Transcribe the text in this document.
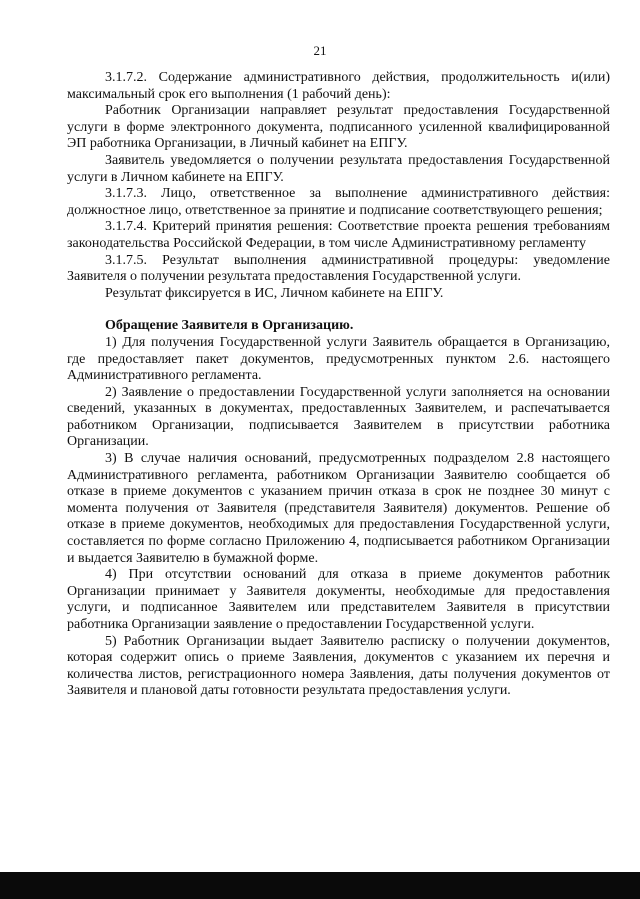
21

3.1.7.2. Содержание административного действия, продолжительность и(или) максимальный срок его выполнения (1 рабочий день):

Работник Организации направляет результат предоставления Государственной услуги в форме электронного документа, подписанного усиленной квалифицированной ЭП работника Организации, в Личный кабинет на ЕПГУ.

Заявитель уведомляется о получении результата предоставления Государственной услуги в Личном кабинете на ЕПГУ.

3.1.7.3. Лицо, ответственное за выполнение административного действия: должностное лицо, ответственное за принятие и подписание соответствующего решения;

3.1.7.4. Критерий принятия решения: Соответствие проекта решения требованиям законодательства Российской Федерации, в том числе Административному регламенту

3.1.7.5. Результат выполнения административной процедуры: уведомление Заявителя о получении результата предоставления Государственной услуги.

Результат фиксируется в ИС, Личном кабинете на ЕПГУ.

Обращение Заявителя в Организацию.

1) Для получения Государственной услуги Заявитель обращается в Организацию, где предоставляет пакет документов, предусмотренных пунктом 2.6. настоящего Административного регламента.

2) Заявление о предоставлении Государственной услуги заполняется на основании сведений, указанных в документах, предоставленных Заявителем, и распечатывается работником Организации, подписывается Заявителем в присутствии работника Организации.

3) В случае наличия оснований, предусмотренных подразделом 2.8 настоящего Административного регламента, работником Организации Заявителю сообщается об отказе в приеме документов с указанием причин отказа в срок не позднее 30 минут с момента получения от Заявителя (представителя Заявителя) документов. Решение об отказе в приеме документов, необходимых для предоставления Государственной услуги, составляется по форме согласно Приложению 4, подписывается работником Организации и выдается Заявителю в бумажной форме.

4) При отсутствии оснований для отказа в приеме документов работник Организации принимает у Заявителя документы, необходимые для предоставления услуги, и подписанное Заявителем или представителем Заявителя в присутствии работника Организации заявление о предоставлении Государственной услуги.

5) Работник Организации выдает Заявителю расписку о получении документов, которая содержит опись о приеме Заявления, документов с указанием их перечня и количества листов, регистрационного номера Заявления, даты получения документов от Заявителя и плановой даты готовности результата предоставления услуги.
